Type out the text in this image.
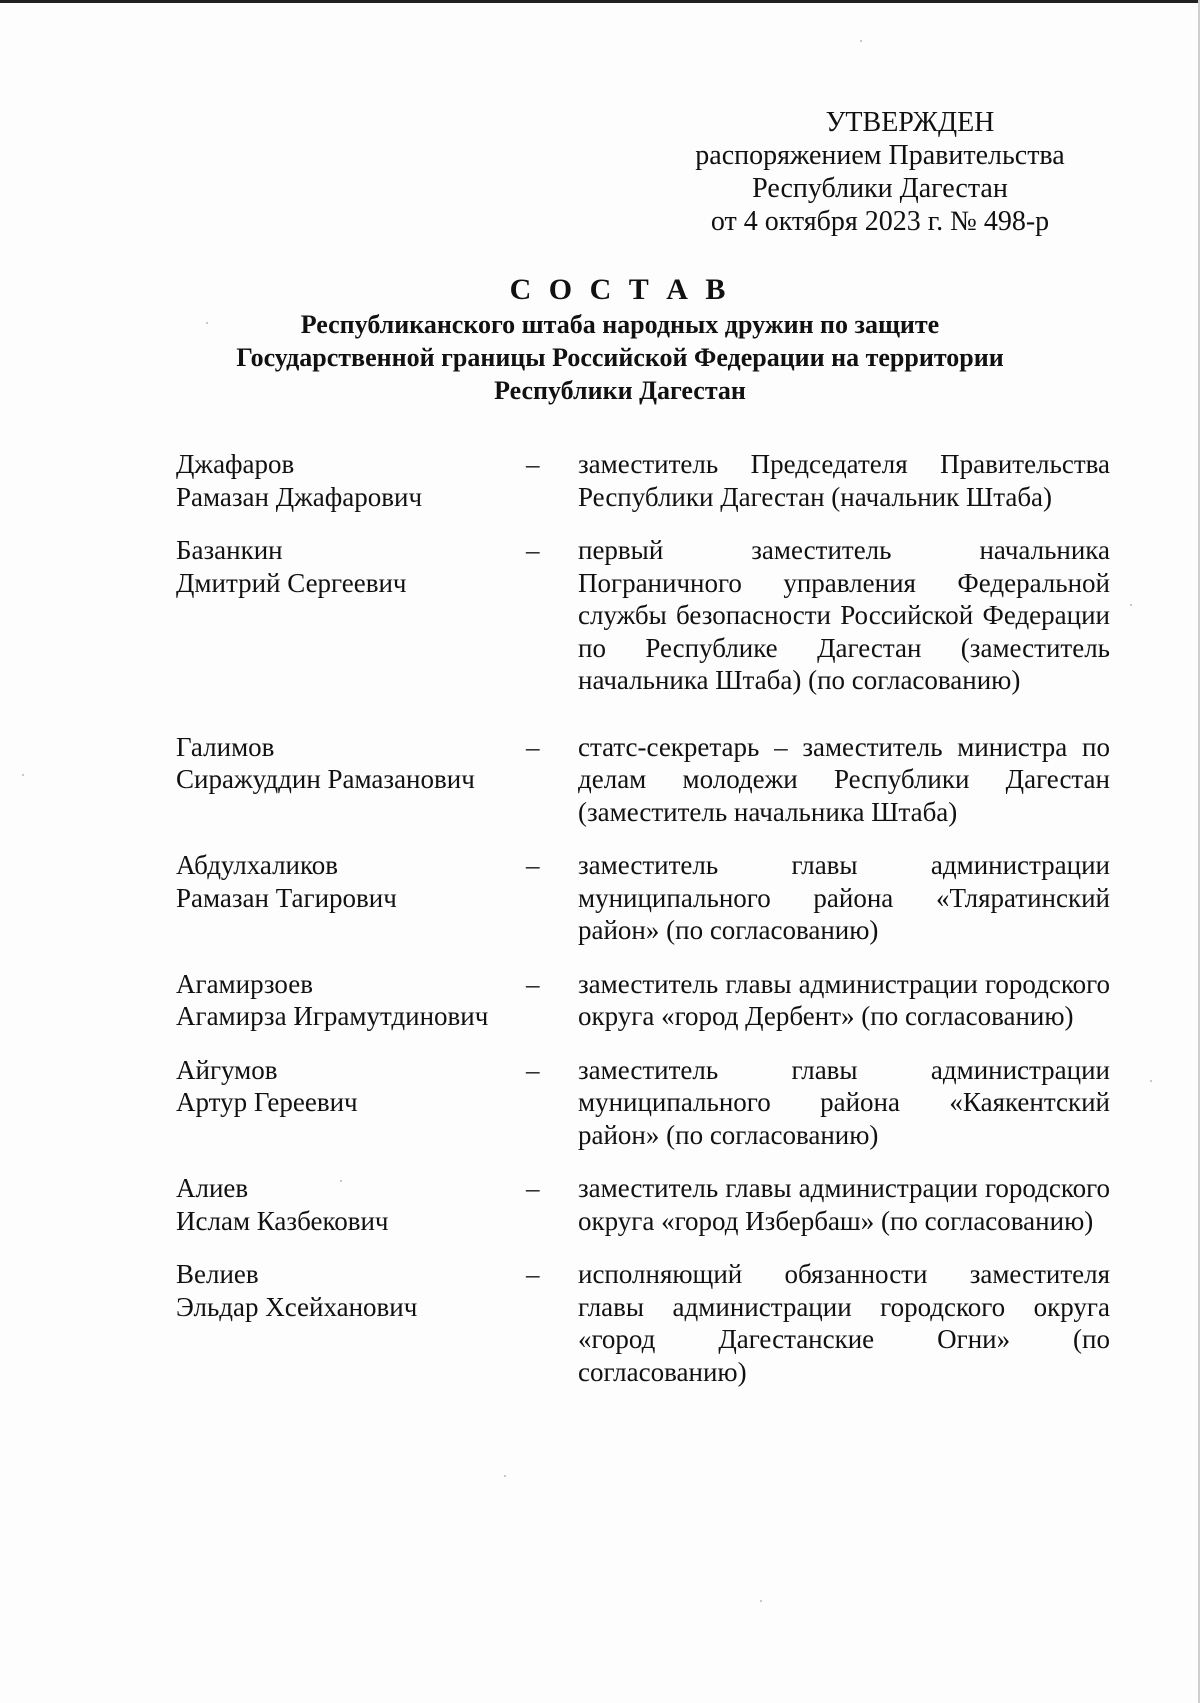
УТВЕРЖДЕН
распоряжением Правительства
Республики Дагестан
от 4 октября 2023 г. № 498-р
С О С Т А В
Республиканского штаба народных дружин по защите
Государственной границы Российской Федерации на территории
Республики Дагестан
Джафаров
Рамазан Джафарович
–	заместитель Председателя Правительства Республики Дагестан (начальник Штаба)
Базанкин
Дмитрий Сергеевич
–	первый заместитель начальника Пограничного управления Федеральной службы безопасности Российской Федерации по Республике Дагестан (заместитель начальника Штаба) (по согласованию)
Галимов
Сиражуддин Рамазанович
–	статс-секретарь – заместитель министра по делам молодежи Республики Дагестан (заместитель начальника Штаба)
Абдулхаликов
Рамазан Тагирович
–	заместитель главы администрации муниципального района «Тляратинский район» (по согласованию)
Агамирзоев
Агамирза Играмутдинович
–	заместитель главы администрации городского округа «город Дербент» (по согласованию)
Айгумов
Артур Гереевич
–	заместитель главы администрации муниципального района «Каякентский район» (по согласованию)
Алиев
Ислам Казбекович
–	заместитель главы администрации городского округа «город Избербаш» (по согласованию)
Велиев
Эльдар Хсейханович
–	исполняющий обязанности заместителя главы администрации городского округа «город Дагестанские Огни» (по согласованию)
